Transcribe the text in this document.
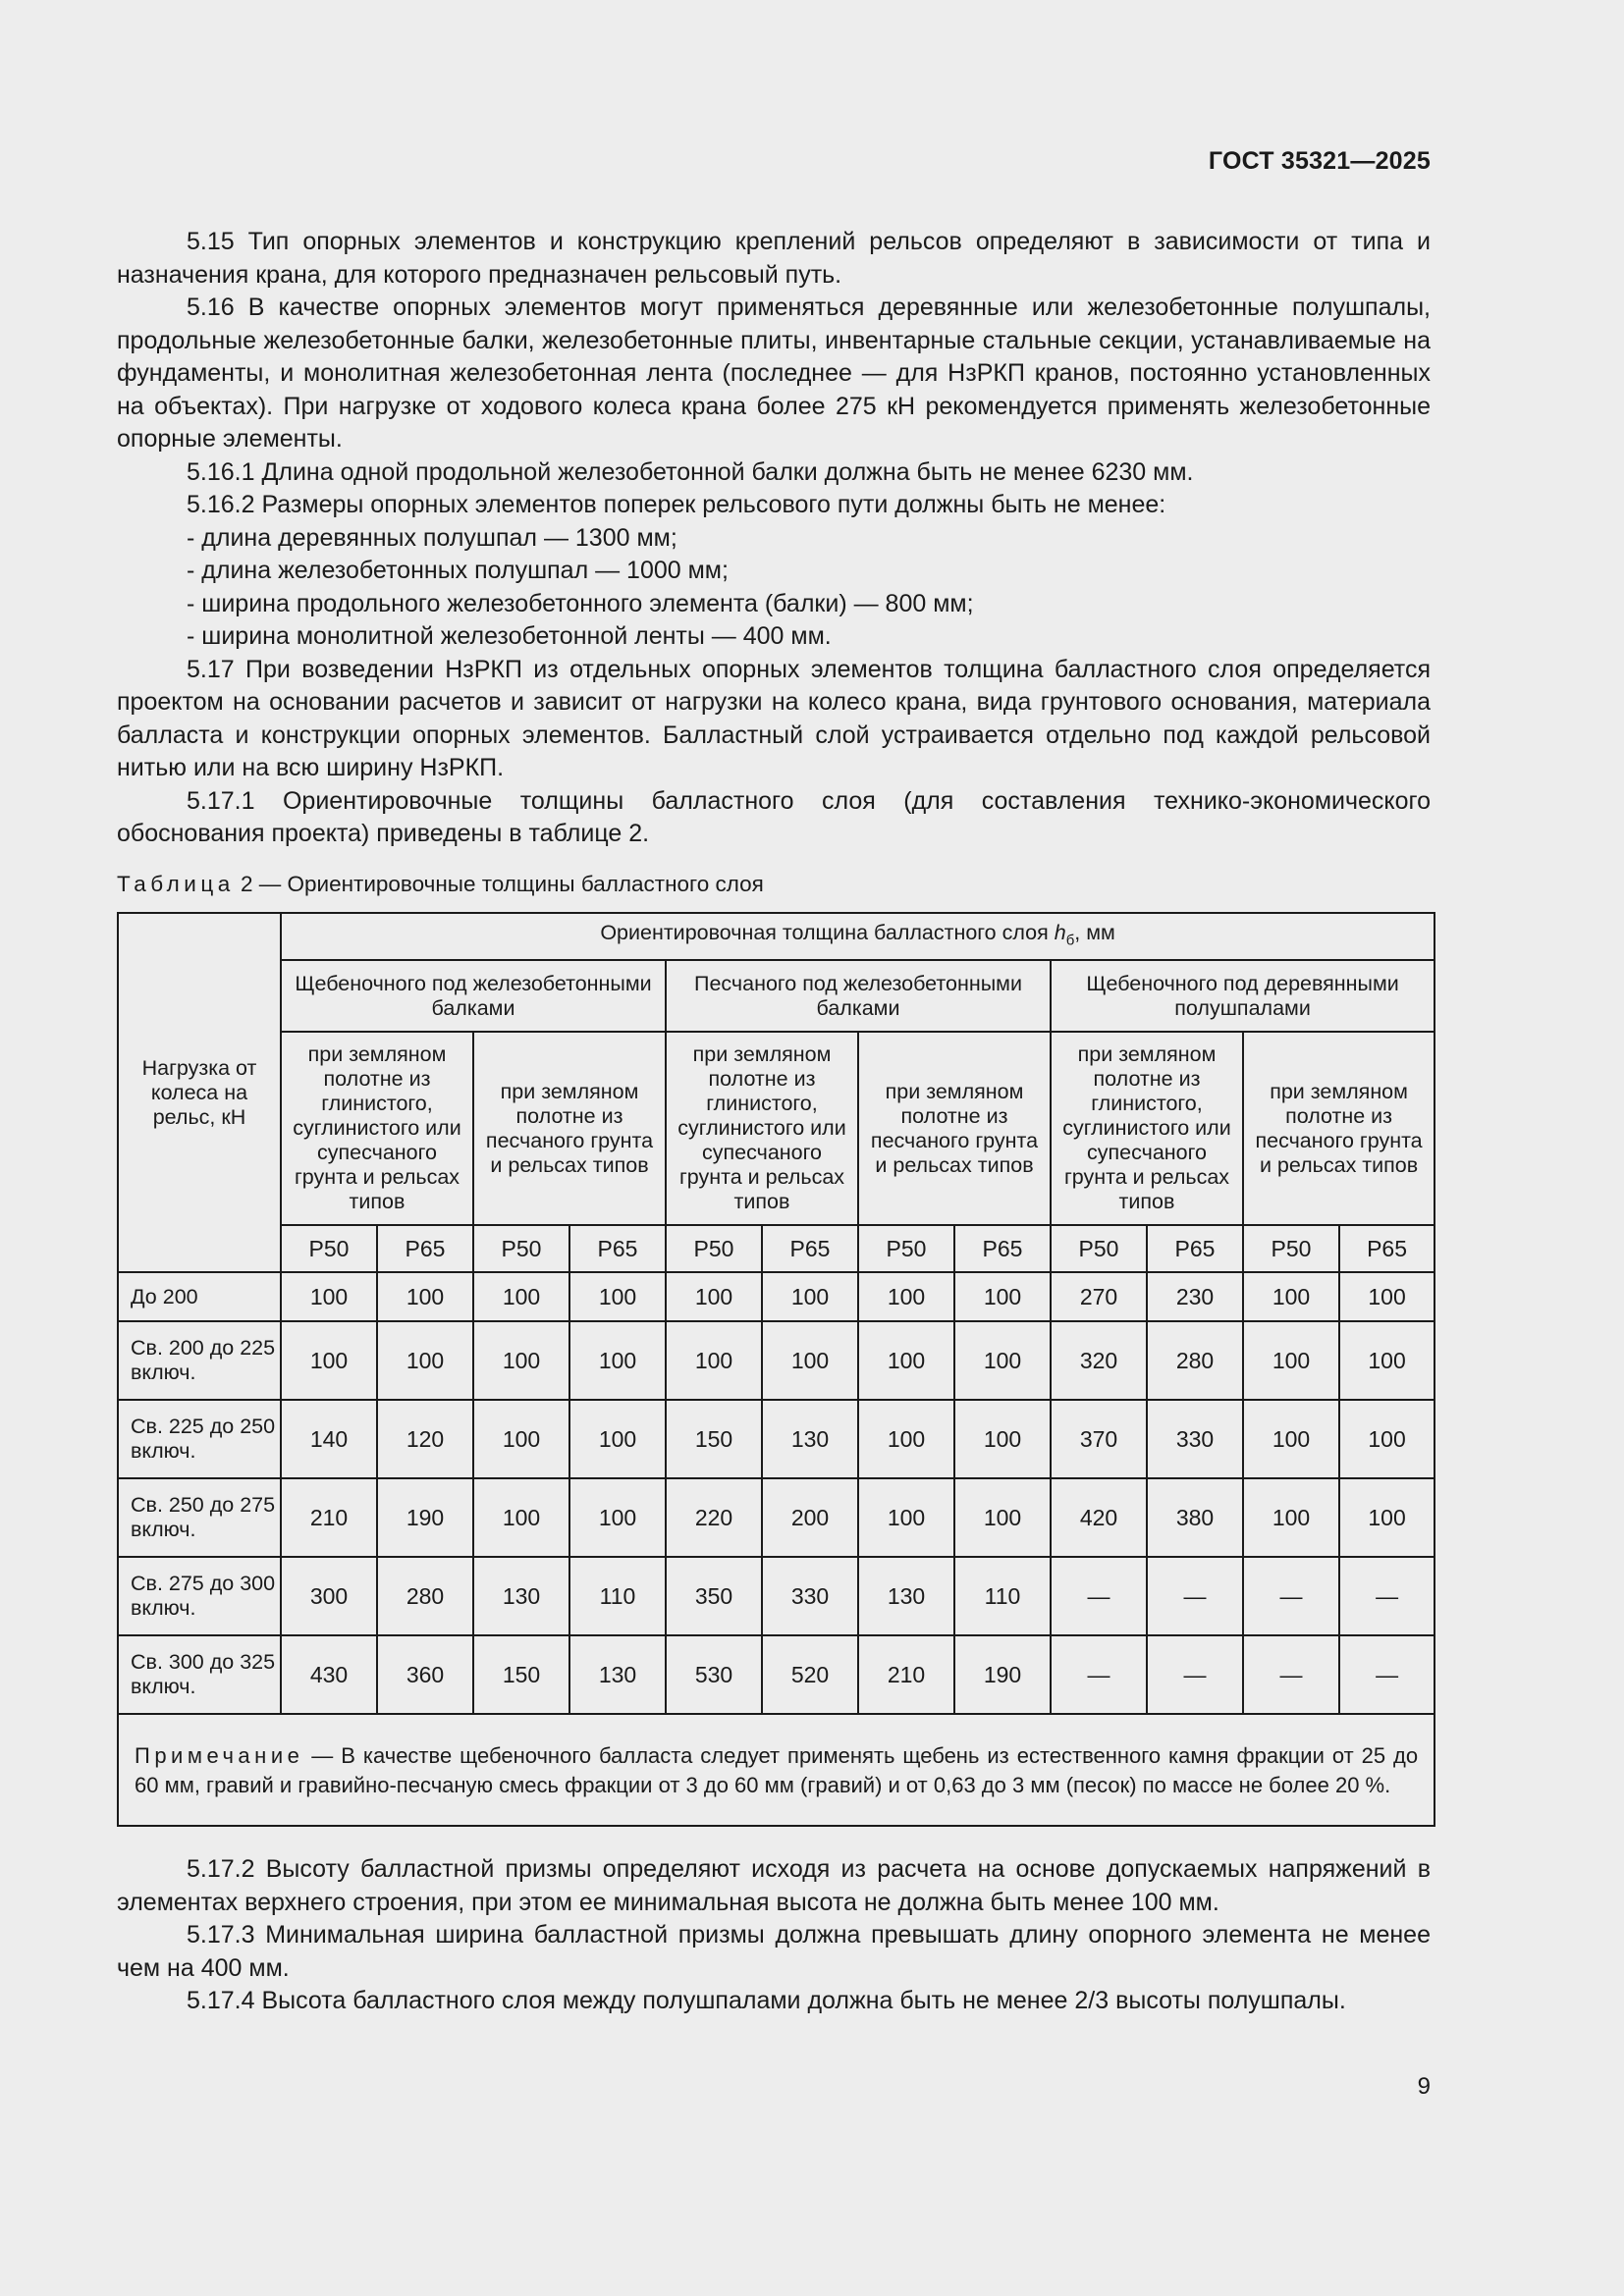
ГОСТ 35321—2025

5.15 Тип опорных элементов и конструкцию креплений рельсов определяют в зависимости от типа и назначения крана, для которого предназначен рельсовый путь.

5.16 В качестве опорных элементов могут применяться деревянные или железобетонные полушпалы, продольные железобетонные балки, железобетонные плиты, инвентарные стальные секции, устанавливаемые на фундаменты, и монолитная железобетонная лента (последнее — для НзРКП кранов, постоянно установленных на объектах). При нагрузке от ходового колеса крана более 275 кН рекомендуется применять железобетонные опорные элементы.

5.16.1 Длина одной продольной железобетонной балки должна быть не менее 6230 мм.

5.16.2 Размеры опорных элементов поперек рельсового пути должны быть не менее:

- длина деревянных полушпал — 1300 мм;

- длина железобетонных полушпал — 1000 мм;

- ширина продольного железобетонного элемента (балки) — 800 мм;

- ширина монолитной железобетонной ленты — 400 мм.

5.17 При возведении НзРКП из отдельных опорных элементов толщина балластного слоя определяется проектом на основании расчетов и зависит от нагрузки на колесо крана, вида грунтового основания, материала балласта и конструкции опорных элементов. Балластный слой устраивается отдельно под каждой рельсовой нитью или на всю ширину НзРКП.

5.17.1 Ориентировочные толщины балластного слоя (для составления технико-экономического обоснования проекта) приведены в таблице 2.

Таблица 2 — Ориентировочные толщины балластного слоя
Нагрузка от колеса на рельс, кН	Ориентировочная толщина балластного слоя $h_б$, мм											
	Щебеночного под железобетонными балками				Песчаного под железобетонными балками				Щебеночного под деревянными полушпалами			
	при земляном полотне из глинистого, суглинистого или супесчаного грунта и рельсах типов		при земляном полотне из песчаного грунта и рельсах типов		при земляном полотне из глинистого, суглинистого или супесчаного грунта и рельсах типов		при земляном полотне из песчаного грунта и рельсах типов		при земляном полотне из глинистого, суглинистого или супесчаного грунта и рельсах типов		при земляном полотне из песчаного грунта и рельсах типов	
	Р50	Р65	Р50	Р65	Р50	Р65	Р50	Р65	Р50	Р65	Р50	Р65
До 200	100	100	100	100	100	100	100	100	270	230	100	100
Св. 200 до 225 включ.	100	100	100	100	100	100	100	100	320	280	100	100
Св. 225 до 250 включ.	140	120	100	100	150	130	100	100	370	330	100	100
Св. 250 до 275 включ.	210	190	100	100	220	200	100	100	420	380	100	100
Св. 275 до 300 включ.	300	280	130	110	350	330	130	110	—	—	—	—
Св. 300 до 325 включ.	430	360	150	130	530	520	210	190	—	—	—	—
Примечание — В качестве щебеночного балласта следует применять щебень из естественного камня фракции от 25 до 60 мм, гравий и гравийно-песчаную смесь фракции от 3 до 60 мм (гравий) и от 0,63 до 3 мм (песок) по массе не более 20 %.												

5.17.2 Высоту балластной призмы определяют исходя из расчета на основе допускаемых напряжений в элементах верхнего строения, при этом ее минимальная высота не должна быть менее 100 мм.

5.17.3 Минимальная ширина балластной призмы должна превышать длину опорного элемента не менее чем на 400 мм.

5.17.4 Высота балластного слоя между полушпалами должна быть не менее 2/3 высоты полушпалы.

9
